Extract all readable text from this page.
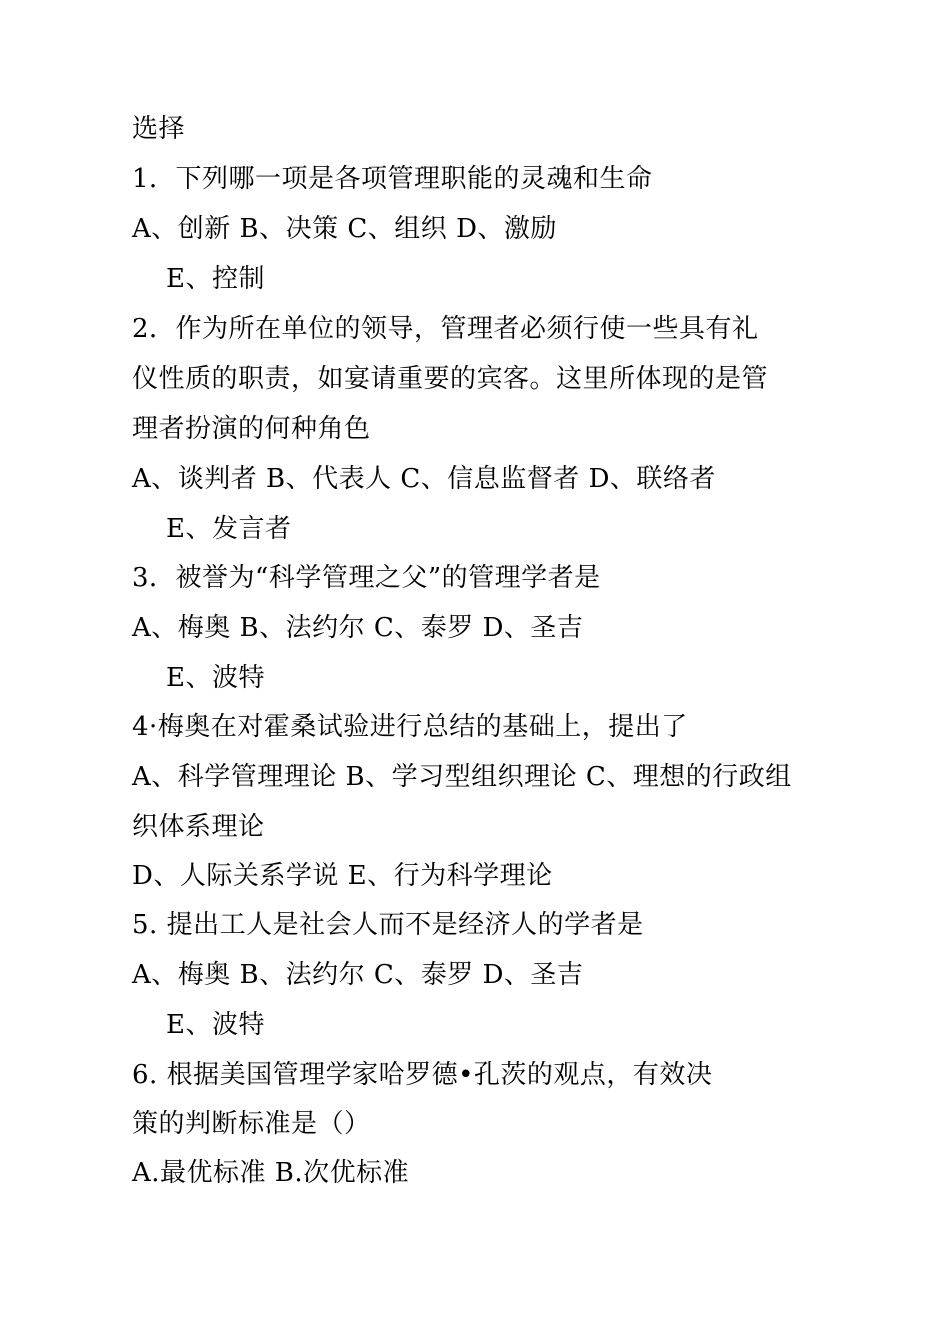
选择
1．下列哪一项是各项管理职能的灵魂和生命
A、创新 B、决策 C、组织 D、激励
E、控制
2．作为所在单位的领导，管理者必须行使一些具有礼
仪性质的职责，如宴请重要的宾客。这里所体现的是管
理者扮演的何种角色
A、谈判者 B、代表人 C、信息监督者 D、联络者
E、发言者
3．被誉为“科学管理之父”的管理学者是
A、梅奥 B、法约尔 C、泰罗 D、圣吉
E、波特
4·梅奥在对霍桑试验进行总结的基础上，提出了
A、科学管理理论 B、学习型组织理论 C、理想的行政组
织体系理论
D、人际关系学说 E、行为科学理论
5. 提出工人是社会人而不是经济人的学者是
A、梅奥 B、法约尔 C、泰罗 D、圣吉
E、波特
6. 根据美国管理学家哈罗德•孔茨的观点，有效决
策的判断标准是（）
A.最优标准 B.次优标准
